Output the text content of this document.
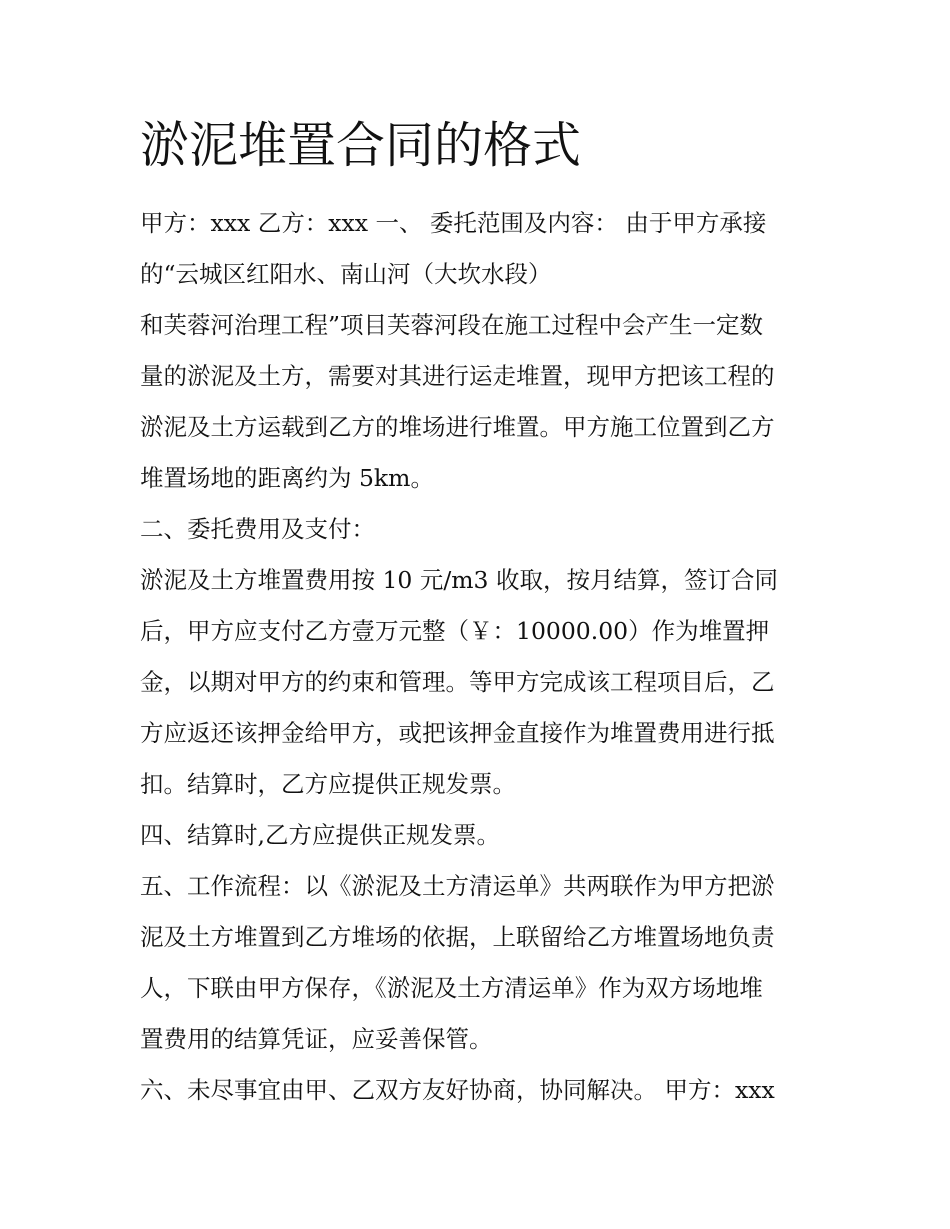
淤泥堆置合同的格式
甲方：xxx 乙方：xxx 一、 委托范围及内容： 由于甲方承接
的“云城区红阳水、南山河（大坎水段）
和芙蓉河治理工程”项目芙蓉河段在施工过程中会产生一定数
量的淤泥及土方，需要对其进行运走堆置，现甲方把该工程的
淤泥及土方运载到乙方的堆场进行堆置。甲方施工位置到乙方
堆置场地的距离约为 5km。
二、委托费用及支付：
淤泥及土方堆置费用按 10 元/m3 收取，按月结算，签订合同
后，甲方应支付乙方壹万元整（￥：10000.00）作为堆置押
金，以期对甲方的约束和管理。等甲方完成该工程项目后，乙
方应返还该押金给甲方，或把该押金直接作为堆置费用进行抵
扣。结算时，乙方应提供正规发票。
四、结算时,乙方应提供正规发票。
五、工作流程：以《淤泥及土方清运单》共两联作为甲方把淤
泥及土方堆置到乙方堆场的依据，上联留给乙方堆置场地负责
人，下联由甲方保存，《淤泥及土方清运单》作为双方场地堆
置费用的结算凭证，应妥善保管。
六、未尽事宜由甲、乙双方友好协商，协同解决。 甲方：xxx
